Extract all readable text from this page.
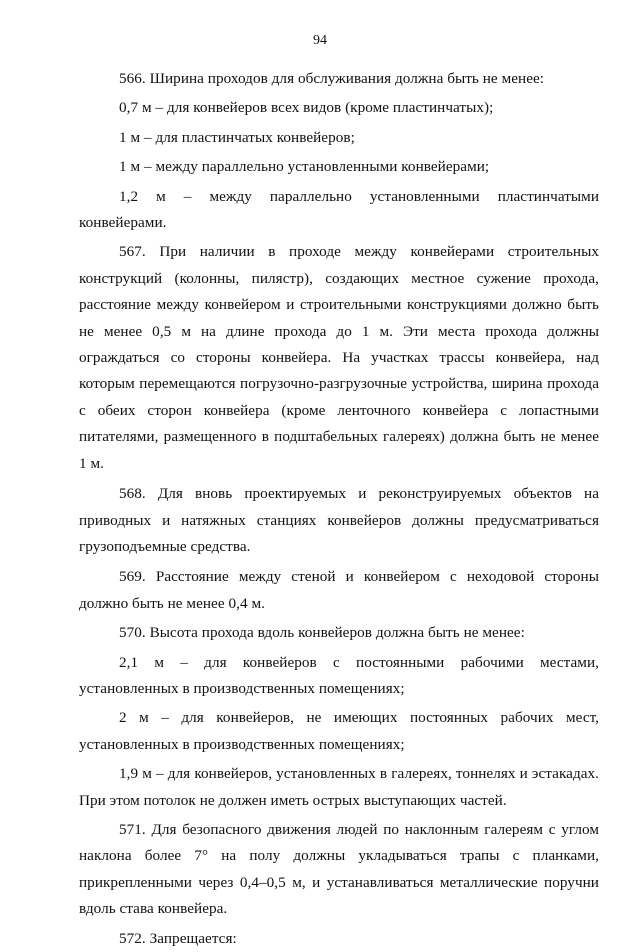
94

566. Ширина проходов для обслуживания должна быть не менее:

0,7 м – для конвейеров всех видов (кроме пластинчатых);

1 м – для пластинчатых конвейеров;

1 м – между параллельно установленными конвейерами;

1,2 м – между параллельно установленными пластинчатыми конвейерами.

567. При наличии в проходе между конвейерами строительных конструкций (колонны, пилястр), создающих местное сужение прохода, расстояние между конвейером и строительными конструкциями должно быть не менее 0,5 м на длине прохода до 1 м. Эти места прохода должны ограждаться со стороны конвейера. На участках трассы конвейера, над которым перемещаются погрузочно-разгрузочные устройства, ширина прохода с обеих сторон конвейера (кроме ленточного конвейера с лопастными питателями, размещенного в подштабельных галереях) должна быть не менее 1 м.

568. Для вновь проектируемых и реконструируемых объектов на приводных и натяжных станциях конвейеров должны предусматриваться грузоподъемные средства.

569. Расстояние между стеной и конвейером с неходовой стороны должно быть не менее 0,4 м.

570. Высота прохода вдоль конвейеров должна быть не менее:

2,1 м – для конвейеров с постоянными рабочими местами, установленных в производственных помещениях;

2 м – для конвейеров, не имеющих постоянных рабочих мест, установленных в производственных помещениях;

1,9 м – для конвейеров, установленных в галереях, тоннелях и эстакадах. При этом потолок не должен иметь острых выступающих частей.

571. Для безопасного движения людей по наклонным галереям с углом наклона более 7° на полу должны укладываться трапы с планками, прикрепленными через 0,4–0,5 м, и устанавливаться металлические поручни вдоль става конвейера.

572. Запрещается:
